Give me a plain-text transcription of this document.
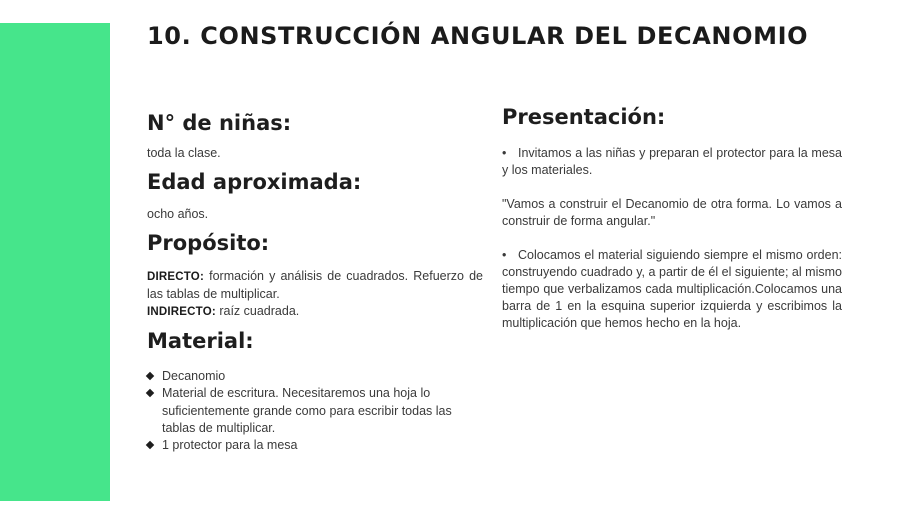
10. CONSTRUCCIÓN ANGULAR DEL DECANOMIO
N° de niñas:

toda la clase.

Edad aproximada:

ocho años.

Propósito:

DIRECTO: formación y análisis de cuadrados. Refuerzo de las tablas de multiplicar.

INDIRECTO: raíz cuadrada.

Material:
Decanomio
Material de escritura. Necesitaremos una hoja lo suficientemente grande como para escribir todas las tablas de multiplicar.
1 protector para la mesa
Presentación:

• Invitamos a las niñas y preparan el protector para la mesa y los materiales.

"Vamos a construir el Decanomio de otra forma. Lo vamos a construir de forma angular."

• Colocamos el material siguiendo siempre el mismo orden: construyendo cuadrado y, a partir de él el siguiente; al mismo tiempo que verbalizamos cada multiplicación.Colocamos una barra de 1 en la esquina superior izquierda y escribimos la multiplicación que hemos hecho en la hoja.
